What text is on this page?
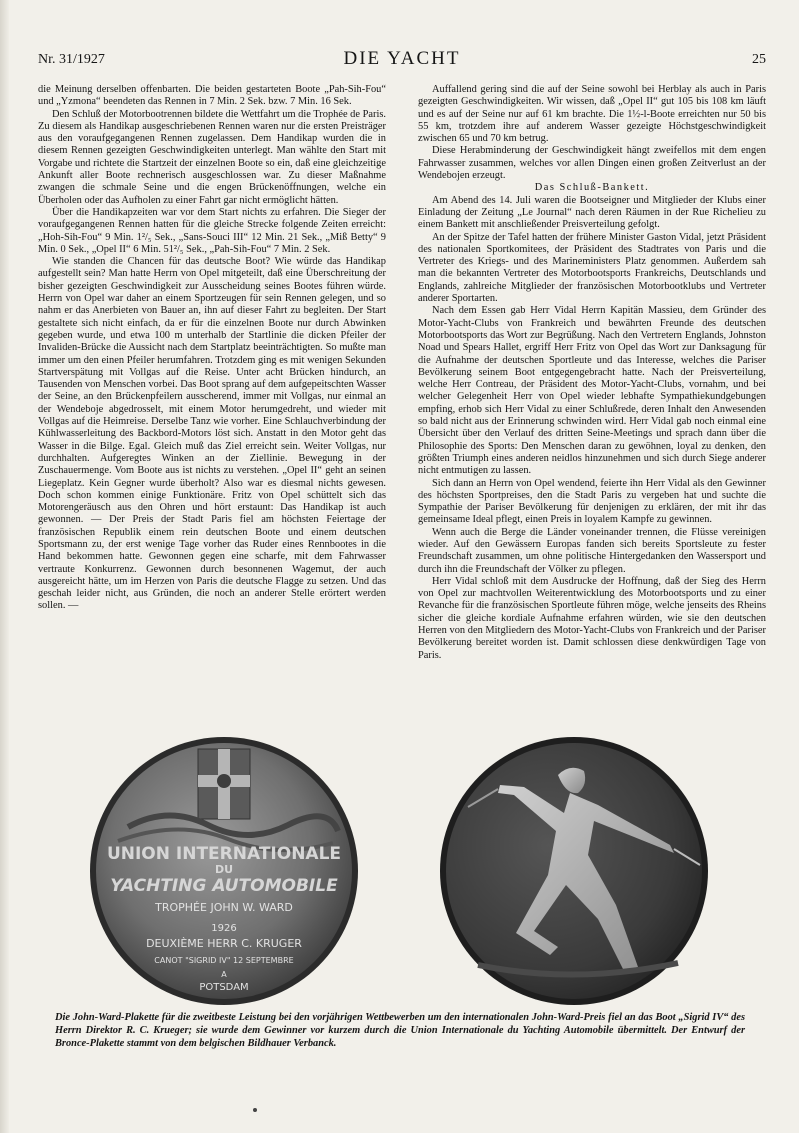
Nr. 31/1927	DIE YACHT	25

die Meinung derselben offenbarten. Die beiden gestarteten Boote „Pah-Sih-Fou“ und „Yzmona“ beendeten das Rennen in 7 Min. 2 Sek. bzw. 7 Min. 16 Sek.

Den Schluß der Motorbootrennen bildete die Wettfahrt um die Trophée de Paris. Zu diesem als Handikap ausgeschriebenen Rennen waren nur die ersten Preisträger aus den voraufgegangenen Rennen zugelassen. Dem Handikap wurden die in diesem Rennen gezeigten Geschwindigkeiten unterlegt. Man wählte den Start mit Vorgabe und richtete die Startzeit der einzelnen Boote so ein, daß eine gleichzeitige Ankunft aller Boote rechnerisch ausgeschlossen war. Zu dieser Maßnahme zwangen die schmale Seine und die engen Brückenöffnungen, welche ein Überholen oder das Aufholen zu einer Fahrt gar nicht ermöglicht hätten.

Über die Handikapzeiten war vor dem Start nichts zu erfahren. Die Sieger der voraufgegangenen Rennen hatten für die gleiche Strecke folgende Zeiten erreicht: „Hoh-Sih-Fou“ 9 Min. 1²/₅ Sek., „Sans-Souci III“ 12 Min. 21 Sek., „Miß Betty“ 9 Min. 0 Sek., „Opel II“ 6 Min. 51²/₅ Sek., „Pah-Sih-Fou“ 7 Min. 2 Sek.

Wie standen die Chancen für das deutsche Boot? Wie würde das Handikap aufgestellt sein? Man hatte Herrn von Opel mitgeteilt, daß eine Überschreitung der bisher gezeigten Geschwindigkeit zur Ausscheidung seines Bootes führen würde. Herrn von Opel war daher an einem Sportzeugen für sein Rennen gelegen, und so nahm er das Anerbieten von Bauer an, ihn auf dieser Fahrt zu begleiten. Der Start gestaltete sich nicht einfach, da er für die einzelnen Boote nur durch Abwinken gegeben wurde, und etwa 100 m unterhalb der Startlinie die dicken Pfeiler der Invaliden-Brücke die Aussicht nach dem Startplatz beeinträchtigten. So mußte man immer um den einen Pfeiler herumfahren. Trotzdem ging es mit wenigen Sekunden Startverspätung mit Vollgas auf die Reise. Unter acht Brücken hindurch, an Tausenden von Menschen vorbei. Das Boot sprang auf dem aufgepeitschten Wasser der Seine, an den Brückenpfeilern ausscherend, immer mit Vollgas, nur einmal an der Wendeboje abgedrosselt, mit einem Motor herumgedreht, und wieder mit Vollgas auf die Heimreise. Derselbe Tanz wie vorher. Eine Schlauchverbindung der Kühlwasserleitung des Backbord-Motors löst sich. Anstatt in den Motor geht das Wasser in die Bilge. Egal. Gleich muß das Ziel erreicht sein. Weiter Vollgas, nur durchhalten. Aufgeregtes Winken an der Ziellinie. Bewegung in der Zuschauermenge. Vom Boote aus ist nichts zu verstehen. „Opel II“ geht an seinen Liegeplatz. Kein Gegner wurde überholt? Also war es diesmal nichts gewesen. Doch schon kommen einige Funktionäre. Fritz von Opel schüttelt sich das Motorengeräusch aus den Ohren und hört erstaunt: Das Handikap ist auch gewonnen. — Der Preis der Stadt Paris fiel am höchsten Feiertage der französischen Republik einem rein deutschen Boote und einem deutschen Sportsmann zu, der erst wenige Tage vorher das Ruder eines Rennbootes in die Hand bekommen hatte. Gewonnen gegen eine scharfe, mit dem Fahrwasser vertraute Konkurrenz. Gewonnen durch besonnenen Wagemut, der auch ausgereicht hätte, um im Herzen von Paris die deutsche Flagge zu setzen. Und das geschah leider nicht, aus Gründen, die noch an anderer Stelle erörtert werden sollen. —

Auffallend gering sind die auf der Seine sowohl bei Herblay als auch in Paris gezeigten Geschwindigkeiten. Wir wissen, daß „Opel II“ gut 105 bis 108 km läuft und es auf der Seine nur auf 61 km brachte. Die 1½-l-Boote erreichten nur 50 bis 55 km, trotzdem ihre auf anderem Wasser gezeigte Höchstgeschwindigkeit zwischen 65 und 70 km betrug.

Diese Herabminderung der Geschwindigkeit hängt zweifellos mit dem engen Fahrwasser zusammen, welches vor allen Dingen einen großen Zeitverlust an der Wendebojen erzeugt.

Das Schluß-Bankett.

Am Abend des 14. Juli waren die Bootseigner und Mitglieder der Klubs einer Einladung der Zeitung „Le Journal“ nach deren Räumen in der Rue Richelieu zu einem Bankett mit anschließender Preisverteilung gefolgt.

An der Spitze der Tafel hatten der frühere Minister Gaston Vidal, jetzt Präsident des nationalen Sportkomitees, der Präsident des Stadtrates von Paris und die Vertreter des Kriegs- und des Marineministers Platz genommen. Außerdem sah man die bekannten Vertreter des Motorbootsports Frankreichs, Deutschlands und Englands, zahlreiche Mitglieder der französischen Motorbootklubs und Vertreter anderer Sportarten.

Nach dem Essen gab Herr Vidal Herrn Kapitän Massieu, dem Gründer des Motor-Yacht-Clubs von Frankreich und bewährten Freunde des deutschen Motorbootsports das Wort zur Begrüßung. Nach den Vertretern Englands, Johnston Noad und Spears Hallet, ergriff Herr Fritz von Opel das Wort zur Danksagung für die Aufnahme der deutschen Sportleute und das Interesse, welches die Pariser Bevölkerung seinem Boot entgegengebracht hatte. Nach der Preisverteilung, welche Herr Contreau, der Präsident des Motor-Yacht-Clubs, vornahm, und bei welcher Gelegenheit Herr von Opel wieder lebhafte Sympathiekundgebungen empfing, erhob sich Herr Vidal zu einer Schlußrede, deren Inhalt den Anwesenden so bald nicht aus der Erinnerung schwinden wird. Herr Vidal gab noch einmal eine Übersicht über den Verlauf des dritten Seine-Meetings und sprach dann über die Philosophie des Sports: Den Menschen daran zu gewöhnen, loyal zu denken, den größten Triumph eines anderen neidlos hinzunehmen und sich durch Siege anderer nicht entmutigen zu lassen.

Sich dann an Herrn von Opel wendend, feierte ihn Herr Vidal als den Gewinner des höchsten Sportpreises, den die Stadt Paris zu vergeben hat und suchte die Sympathie der Pariser Bevölkerung für denjenigen zu erklären, der mit ihr das gemeinsame Ideal pflegt, einen Preis in loyalem Kampfe zu gewinnen.

Wenn auch die Berge die Länder voneinander trennen, die Flüsse vereinigen wieder. Auf den Gewässern Europas fanden sich bereits Sportsleute zu fester Freundschaft zusammen, um ohne politische Hintergedanken den Wassersport und durch ihn die Freundschaft der Völker zu pflegen.

Herr Vidal schloß mit dem Ausdrucke der Hoffnung, daß der Sieg des Herrn von Opel zur machtvollen Weiterentwicklung des Motorbootsports und zu einer Revanche für die französischen Sportleute führen möge, welche jenseits des Rheins sicher die gleiche kordiale Aufnahme erfahren würden, wie sie den deutschen Herren von den Mitgliedern des Motor-Yacht-Clubs von Frankreich und der Pariser Bevölkerung bereitet worden ist. Damit schlossen diese denkwürdigen Tage von Paris.

UNION INTERNATIONALE
DU
YACHTING AUTOMOBILE
TROPHÉE JOHN W. WARD
1926
DEUXIÈME HERR C. KRUGER
CANOT "SIGRID IV" 12 SEPTEMBRE
A
POTSDAM
Die John-Ward-Plakette für die zweitbeste Leistung bei den vorjährigen Wettbewerben um den internationalen John-Ward-Preis fiel an das Boot „Sigrid IV“ des Herrn Direktor R. C. Krueger; sie wurde dem Gewinner vor kurzem durch die Union Internationale du Yachting Automobile übermittelt. Der Entwurf der Bronce-Plakette stammt von dem belgischen Bildhauer Verbanck.
